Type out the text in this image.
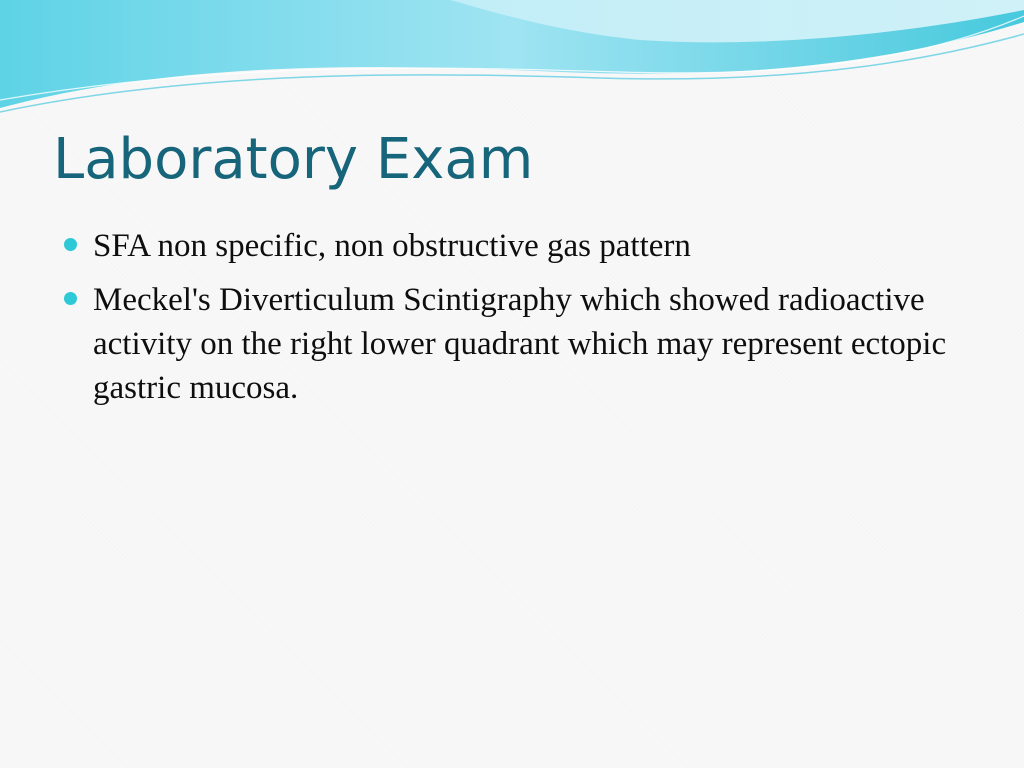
Laboratory Exam
SFA non specific, non obstructive gas pattern
Meckel's Diverticulum Scintigraphy which showed radioactive activity on the right lower quadrant which may represent ectopic gastric mucosa.
